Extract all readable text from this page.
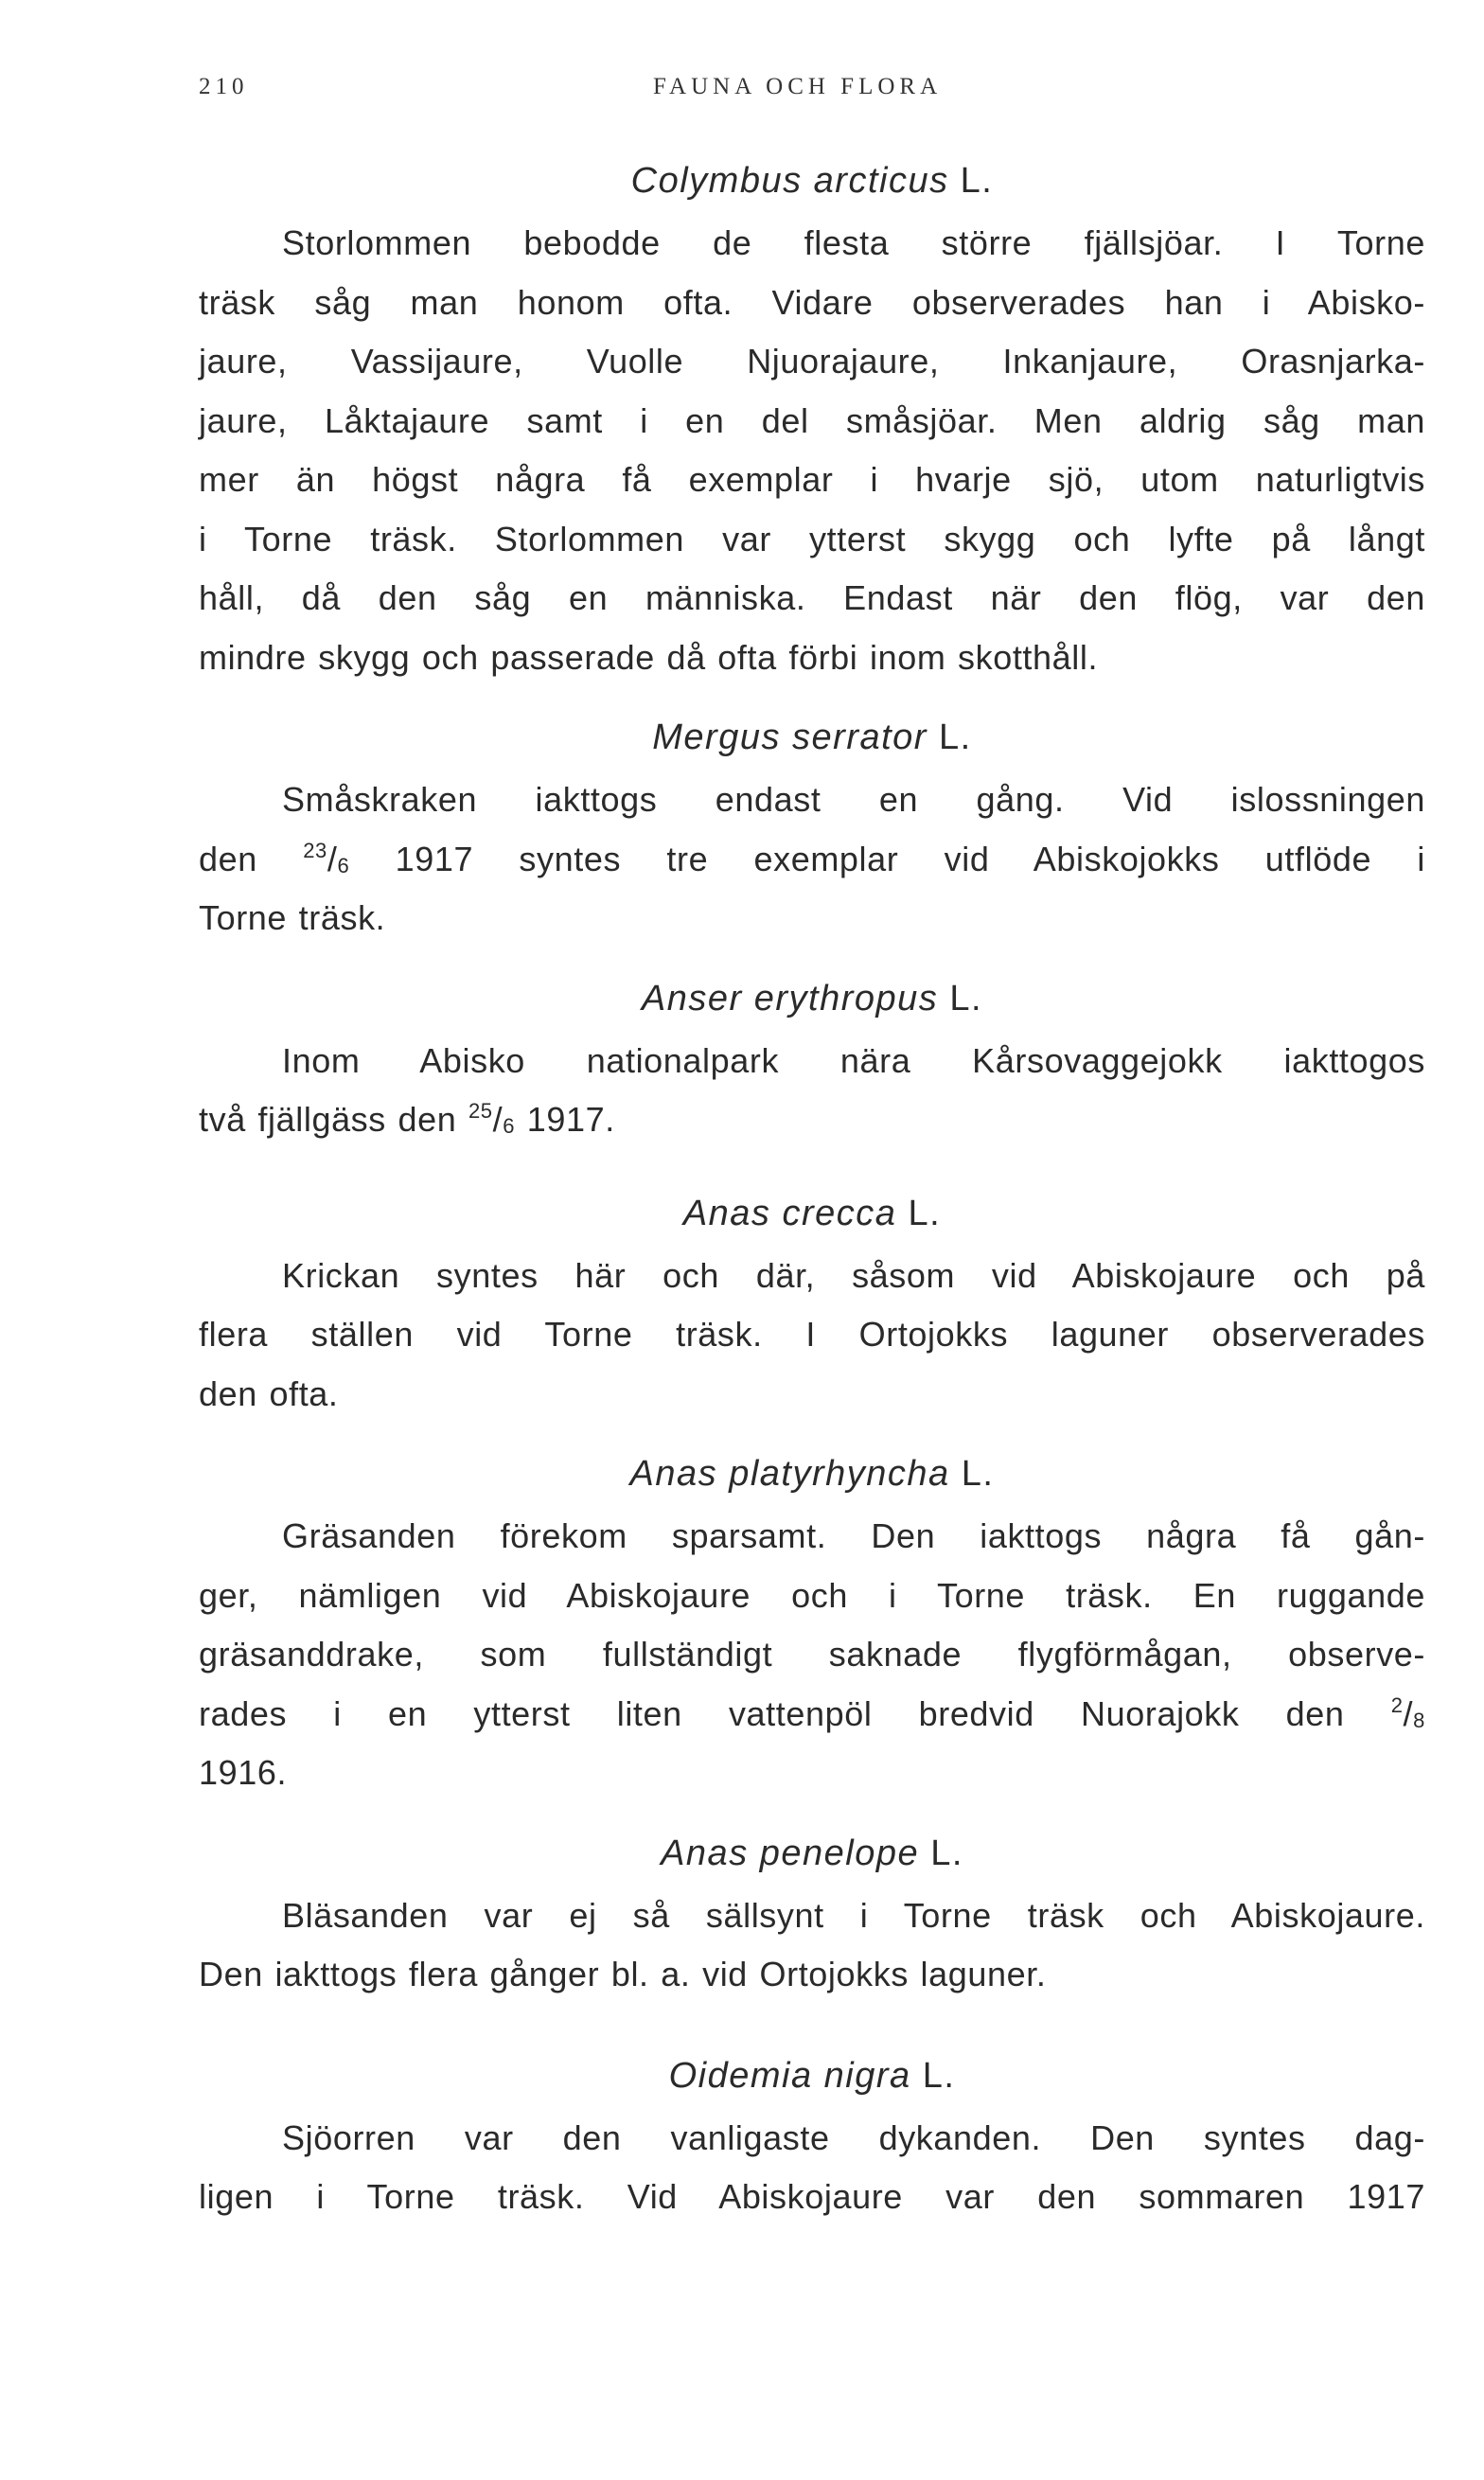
210	FAUNA OCH FLORA
Colymbus arcticus L.
Storlommen bebodde de flesta större fjällsjöar. I Torne
träsk såg man honom ofta. Vidare observerades han i Abisko-
jaure, Vassijaure, Vuolle Njuorajaure, Inkanjaure, Orasnjarka-
jaure, Låktajaure samt i en del småsjöar. Men aldrig såg man
mer än högst några få exemplar i hvarje sjö, utom naturligtvis
i Torne träsk. Storlommen var ytterst skygg och lyfte på långt
håll, då den såg en människa. Endast när den flög, var den
mindre skygg och passerade då ofta förbi inom skotthåll.
Mergus serrator L.
Småskraken iakttogs endast en gång. Vid islossningen
den $^{23}/_6$ 1917 syntes tre exemplar vid Abiskojokks utflöde i
Torne träsk.
Anser erythropus L.
Inom Abisko nationalpark nära Kårsovaggejokk iakttogos
två fjällgäss den $^{25}/_6$ 1917.
Anas crecca L.
Krickan syntes här och där, såsom vid Abiskojaure och på
flera ställen vid Torne träsk. I Ortojokks laguner observerades
den ofta.
Anas platyrhyncha L.
Gräsanden förekom sparsamt. Den iakttogs några få gån-
ger, nämligen vid Abiskojaure och i Torne träsk. En ruggande
gräsanddrake, som fullständigt saknade flygförmågan, observe-
rades i en ytterst liten vattenpöl bredvid Nuorajokk den $^2/_8$
1916.
Anas penelope L.
Bläsanden var ej så sällsynt i Torne träsk och Abiskojaure.
Den iakttogs flera gånger bl. a. vid Ortojokks laguner.
Oidemia nigra L.
Sjöorren var den vanligaste dykanden. Den syntes dag-
ligen i Torne träsk. Vid Abiskojaure var den sommaren 1917
